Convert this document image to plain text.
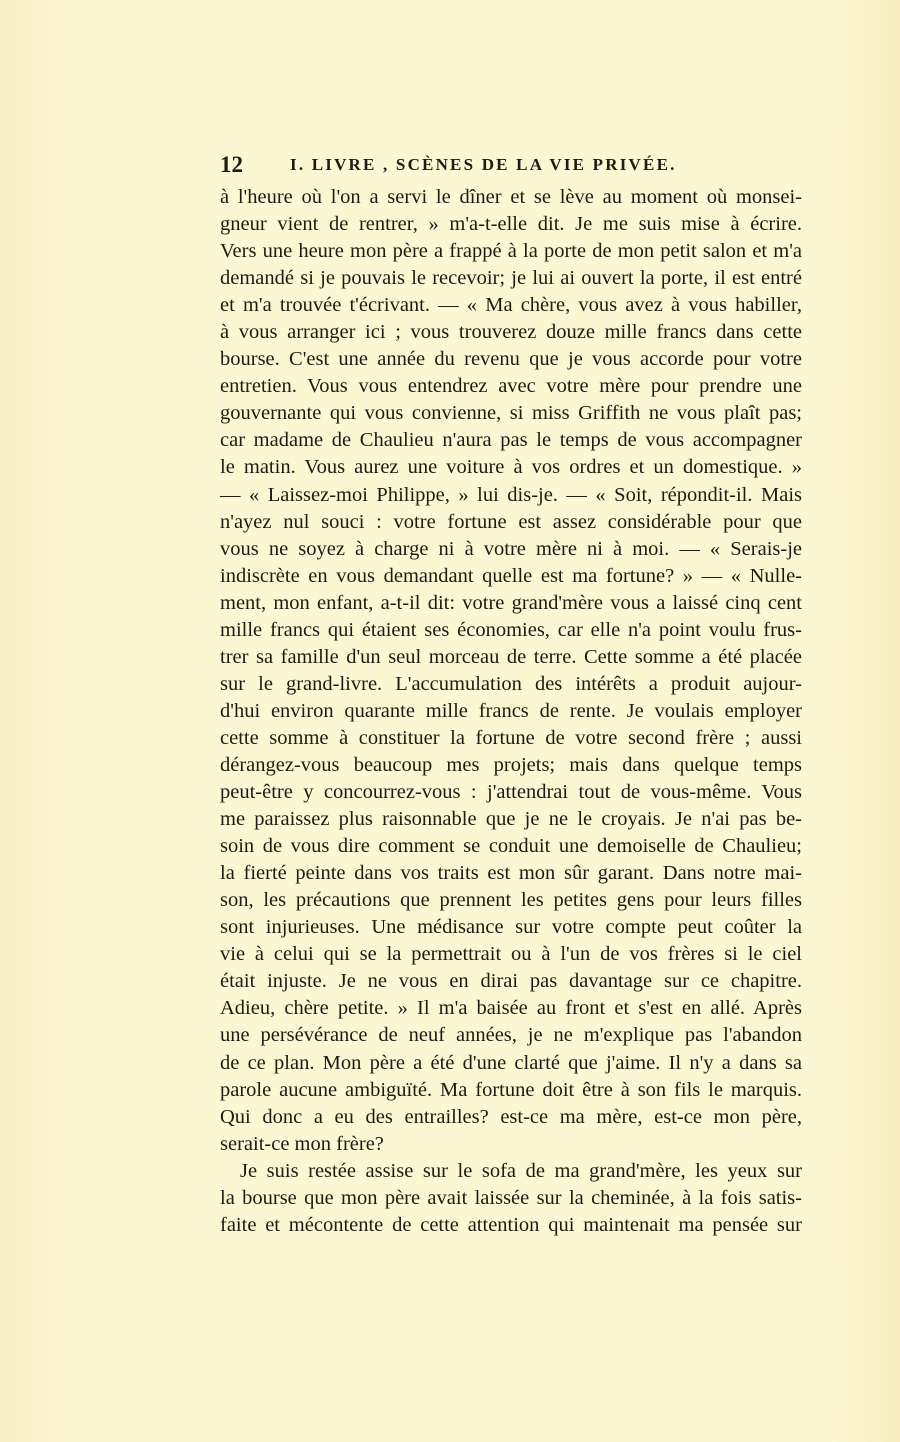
12	I. LIVRE , SCÈNES DE LA VIE PRIVÉE.
à l'heure où l'on a servi le dîner et se lève au moment où monsei-
gneur vient de rentrer, » m'a-t-elle dit. Je me suis mise à écrire.
Vers une heure mon père a frappé à la porte de mon petit salon et m'a
demandé si je pouvais le recevoir; je lui ai ouvert la porte, il est entré
et m'a trouvée t'écrivant. — « Ma chère, vous avez à vous habiller,
à vous arranger ici ; vous trouverez douze mille francs dans cette
bourse. C'est une année du revenu que je vous accorde pour votre
entretien. Vous vous entendrez avec votre mère pour prendre une
gouvernante qui vous convienne, si miss Griffith ne vous plaît pas;
car madame de Chaulieu n'aura pas le temps de vous accompagner
le matin. Vous aurez une voiture à vos ordres et un domestique. »
— « Laissez-moi Philippe, » lui dis-je. — « Soit, répondit-il. Mais
n'ayez nul souci : votre fortune est assez considérable pour que
vous ne soyez à charge ni à votre mère ni à moi. — « Serais-je
indiscrète en vous demandant quelle est ma fortune? » — « Nulle-
ment, mon enfant, a-t-il dit: votre grand'mère vous a laissé cinq cent
mille francs qui étaient ses économies, car elle n'a point voulu frus-
trer sa famille d'un seul morceau de terre. Cette somme a été placée
sur le grand-livre. L'accumulation des intérêts a produit aujour-
d'hui environ quarante mille francs de rente. Je voulais employer
cette somme à constituer la fortune de votre second frère ; aussi
dérangez-vous beaucoup mes projets; mais dans quelque temps
peut-être y concourrez-vous : j'attendrai tout de vous-même. Vous
me paraissez plus raisonnable que je ne le croyais. Je n'ai pas be-
soin de vous dire comment se conduit une demoiselle de Chaulieu;
la fierté peinte dans vos traits est mon sûr garant. Dans notre mai-
son, les précautions que prennent les petites gens pour leurs filles
sont injurieuses. Une médisance sur votre compte peut coûter la
vie à celui qui se la permettrait ou à l'un de vos frères si le ciel
était injuste. Je ne vous en dirai pas davantage sur ce chapitre.
Adieu, chère petite. » Il m'a baisée au front et s'est en allé. Après
une persévérance de neuf années, je ne m'explique pas l'abandon
de ce plan. Mon père a été d'une clarté que j'aime. Il n'y a dans sa
parole aucune ambiguïté. Ma fortune doit être à son fils le marquis.
Qui donc a eu des entrailles? est-ce ma mère, est-ce mon père,
serait-ce mon frère?
Je suis restée assise sur le sofa de ma grand'mère, les yeux sur
la bourse que mon père avait laissée sur la cheminée, à la fois satis-
faite et mécontente de cette attention qui maintenait ma pensée sur
